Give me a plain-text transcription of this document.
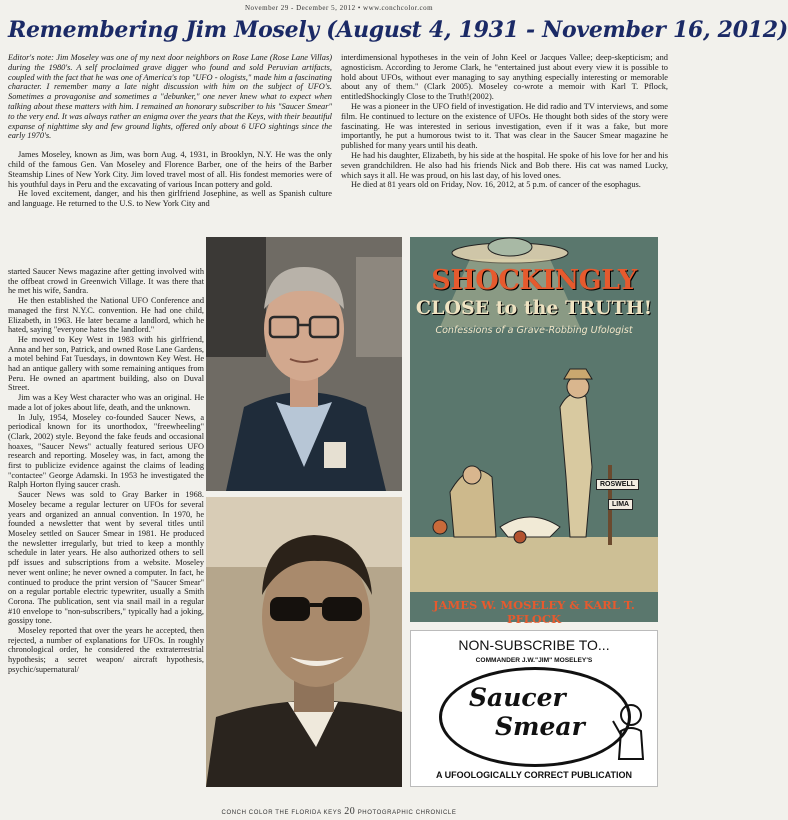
November 29 - December 5, 2012 • www.conchcolor.com
Remembering Jim Mosely (August 4, 1931 - November 16, 2012)

Editor's note: Jim Moseley was one of my next door neighbors on Rose Lane (Rose Lane Villas) during the 1980's. A self proclaimed grave digger who found and sold Peruvian artifacts, coupled with the fact that he was one of America's top "UFO - ologists," made him a fascinating character. I remember many a late night discussion with him on the subject of UFO's. Sometimes a provagonise and sometimes a "debunker," one never knew what to expect when talking about these matters with him. I remained an honorary subscriber to his "Saucer Smear" to the very end. It was always rather an enigma over the years that the Keys, with their beautiful expanse of nighttime sky and few ground lights, offered only about 6 UFO sightings since the early 1970's.

James Moseley, known as Jim, was born Aug. 4, 1931, in Brooklyn, N.Y. He was the only child of the famous Gen. Van Moseley and Florence Barber, one of the heirs of the Barber Steamship Lines of New York City. Jim loved travel most of all. His fondest memories were of his youthful days in Peru and the excavating of various Incan pottery and gold.

He loved excitement, danger, and his then girlfriend Josephine, as well as Spanish culture and language. He returned to the U.S. to New York City and

started Saucer News magazine after getting involved with the offbeat crowd in Greenwich Village. It was there that he met his wife, Sandra.

He then established the National UFO Conference and managed the first N.Y.C. convention. He had one child, Elizabeth, in 1963. He later became a landlord, which he hated, saying "everyone hates the landlord."

He moved to Key West in 1983 with his girlfriend, Anna and her son, Patrick, and owned Rose Lane Gardens, a motel behind Fat Tuesdays, in downtown Key West. He had an antique gallery with some remaining antiques from Peru. He owned an apartment building, also on Duval Street.

Jim was a Key West character who was an original. He made a lot of jokes about life, death, and the unknown.

In July, 1954, Moseley co-founded Saucer News, a periodical known for its unorthodox, "freewheeling" (Clark, 2002) style. Beyond the fake feuds and occasional hoaxes, "Saucer News" actually featured serious UFO research and reporting. Moseley was, in fact, among the first to publicize evidence against the claims of leading "contactee" George Adamski. In 1953 he investigated the Ralph Horton flying saucer crash.

Saucer News was sold to Gray Barker in 1968. Moseley became a regular lecturer on UFOs for several years and organized an annual convention. In 1970, he founded a newsletter that went by several titles until Moseley settled on Saucer Smear in 1981. He produced the newsletter irregularly, but tried to keep a monthly schedule in later years. He also authorized others to sell pdf issues and subscriptions from a website. Moseley never went online; he never owned a computer. In fact, he continued to produce the print version of "Saucer Smear" on a regular portable electric typewriter, usually a Smith Corona. The publication, sent via snail mail in a regular #10 envelope to "non-subscribers," typically had a joking, gossipy tone.

Moseley reported that over the years he accepted, then rejected, a number of explanations for UFOs. In roughly chronological order, he considered the extraterrestrial hypothesis; a secret weapon/ aircraft hypothesis, psychic/supernatural/

interdimensional hypotheses in the vein of John Keel or Jacques Vallee; deep-skepticism; and agnosticism. According to Jerome Clark, he "entertained just about every view it is possible to hold about UFOs, without ever managing to say anything especially interesting or memorable about any of them." (Clark 2005). Moseley co-wrote a memoir with Karl T. Pflock, entitledShockingly Close to the Truth!(2002).

He was a pioneer in the UFO field of investigation. He did radio and TV interviews, and some film. He continued to lecture on the existence of UFOs. He thought both sides of the story were fascinating. He was interested in serious investigation, even if it was a fake, but more importantly, he put a humorous twist to it. That was clear in the Saucer Smear magazine he published for many years until his death.

He had his daughter, Elizabeth, by his side at the hospital. He spoke of his love for her and his seven grandchildren. He also had his friends Nick and Bob there. His cat was named Lucky, which says it all. He was proud, on his last day, of his loved ones.

He died at 81 years old on Friday, Nov. 16, 2012, at 5 p.m. of cancer of the esophagus.

SHOCKINGLY
CLOSE to the TRUTH!
Confessions of a Grave-Robbing Ufologist
ROSWELL
LIMA
JAMES W. MOSELEY & KARL T. PFLOCK
NON-SUBSCRIBE TO...
COMMANDER J.W."JIM" MOSELEY'S
Saucer
Smear
A UFOOLOGICALLY CORRECT PUBLICATION
CONCH COLOR THE FLORIDA KEYS 20 PHOTOGRAPHIC CHRONICLE
